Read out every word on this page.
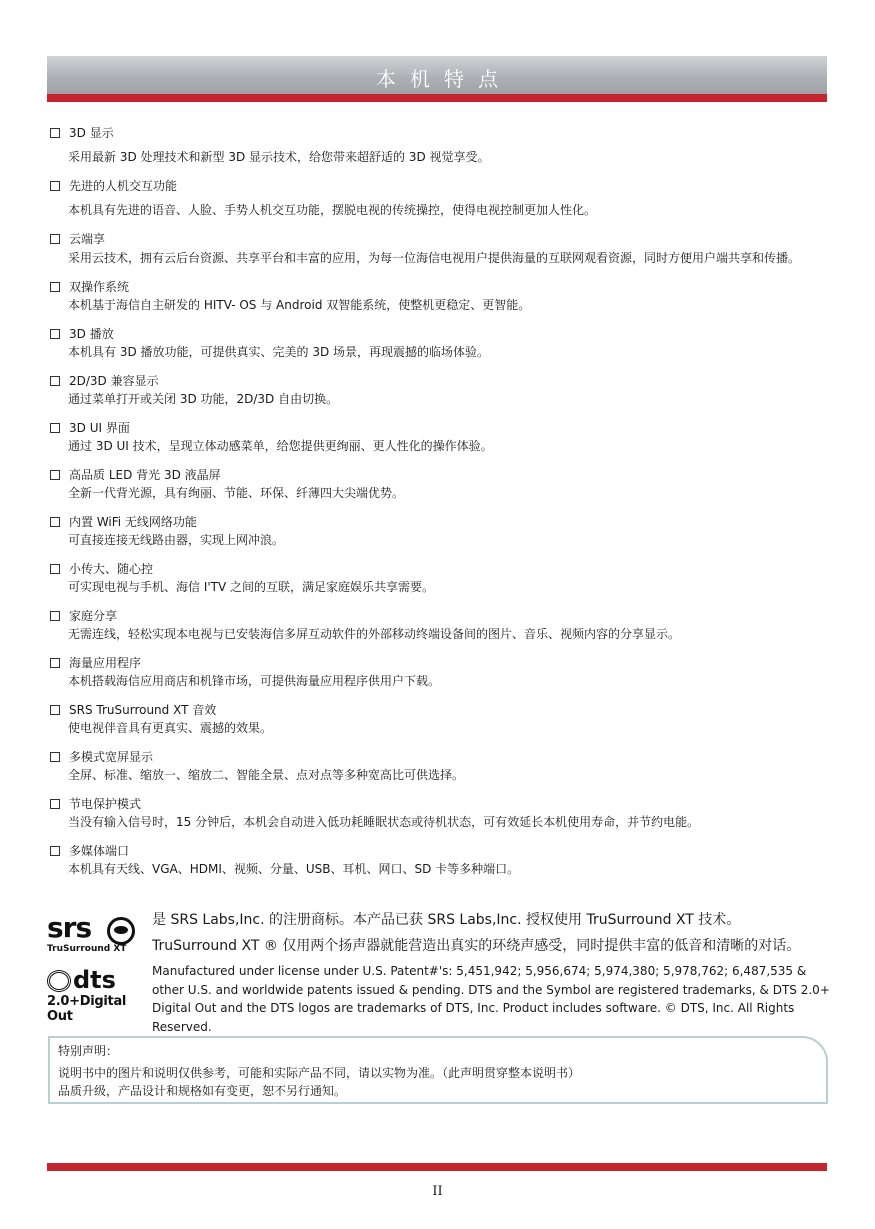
本机特点
3D 显示
采用最新 3D 处理技术和新型 3D 显示技术，给您带来超舒适的 3D 视觉享受。
先进的人机交互功能
本机具有先进的语音、人脸、手势人机交互功能，摆脱电视的传统操控，使得电视控制更加人性化。
云端享
采用云技术，拥有云后台资源、共享平台和丰富的应用，为每一位海信电视用户提供海量的互联网观看资源，同时方便用户端共享和传播。
双操作系统
本机基于海信自主研发的 HITV- OS 与 Android 双智能系统，使整机更稳定、更智能。
3D 播放
本机具有 3D 播放功能，可提供真实、完美的 3D 场景，再现震撼的临场体验。
2D/3D 兼容显示
通过菜单打开或关闭 3D 功能，2D/3D 自由切换。
3D UI 界面
通过 3D UI 技术，呈现立体动感菜单，给您提供更绚丽、更人性化的操作体验。
高品质 LED 背光 3D 液晶屏
全新一代背光源，具有绚丽、节能、环保、纤薄四大尖端优势。
内置 WiFi 无线网络功能
可直接连接无线路由器，实现上网冲浪。
小传大、随心控
可实现电视与手机、海信 I'TV 之间的互联，满足家庭娱乐共享需要。
家庭分享
无需连线，轻松实现本电视与已安装海信多屏互动软件的外部移动终端设备间的图片、音乐、视频内容的分享显示。
海量应用程序
本机搭载海信应用商店和机锋市场，可提供海量应用程序供用户下载。
SRS TruSurround XT 音效
使电视伴音具有更真实、震撼的效果。
多模式宽屏显示
全屏、标准、缩放一、缩放二、智能全景、点对点等多种宽高比可供选择。
节电保护模式
当没有输入信号时，15 分钟后，本机会自动进入低功耗睡眠状态或待机状态，可有效延长本机使用寿命，并节约电能。
多媒体端口
本机具有天线、VGA、HDMI、视频、分量、USB、耳机、网口、SD 卡等多种端口。
srs
TruSurround XT
dts
2.0+Digital Out
是 SRS Labs,Inc. 的注册商标。本产品已获 SRS Labs,Inc. 授权使用 TruSurround XT 技术。
TruSurround XT ® 仅用两个扬声器就能营造出真实的环绕声感受，同时提供丰富的低音和清晰的对话。
Manufactured under license under U.S. Patent#'s: 5,451,942; 5,956,674; 5,974,380; 5,978,762; 6,487,535 & other U.S. and worldwide patents issued & pending. DTS and the Symbol are registered trademarks, & DTS 2.0+ Digital Out and the DTS logos are trademarks of DTS, Inc. Product includes software. © DTS, Inc. All Rights Reserved.
特别声明：
说明书中的图片和说明仅供参考，可能和实际产品不同，请以实物为准。（此声明贯穿整本说明书）
品质升级，产品设计和规格如有变更，恕不另行通知。
II
